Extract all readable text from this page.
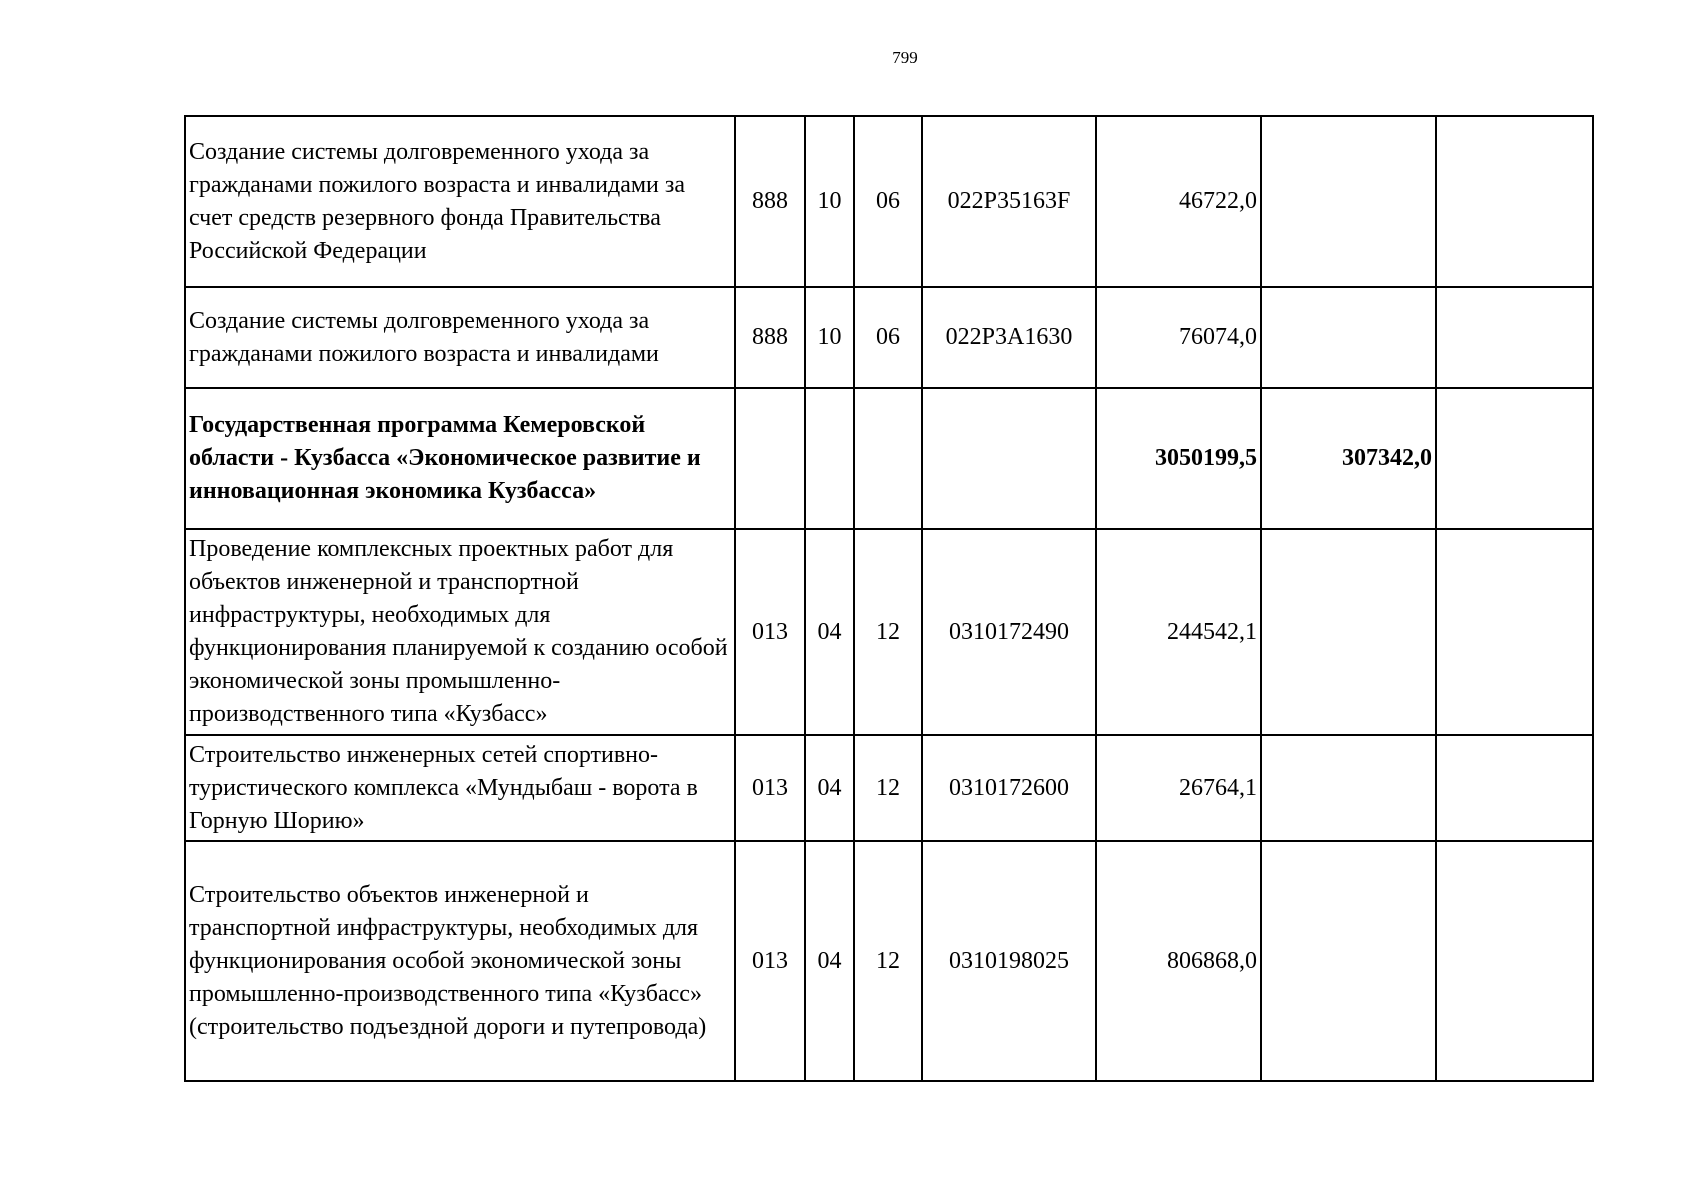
799
Создание системы долговременного ухода за гражданами пожилого возраста и инвалидами за счет средств резервного фонда Правительства Российской Федерации	888	10	06	022P35163F	46722,0		
Создание системы долговременного ухода за гражданами пожилого возраста и инвалидами	888	10	06	022P3A1630	76074,0		
Государственная программа Кемеровской области - Кузбасса «Экономическое развитие и инновационная экономика Кузбасса»					3050199,5	307342,0	
Проведение комплексных проектных работ для объектов инженерной и транспортной инфраструктуры, необходимых для функционирования планируемой к созданию особой экономической зоны промышленно-производственного типа «Кузбасс»	013	04	12	0310172490	244542,1		
Строительство инженерных сетей спортивно-туристического комплекса «Мундыбаш - ворота в Горную Шорию»	013	04	12	0310172600	26764,1		
Строительство объектов инженерной и транспортной инфраструктуры, необходимых для функционирования особой экономической зоны промышленно-производственного типа «Кузбасс» (строительство подъездной дороги и путепровода)	013	04	12	0310198025	806868,0		
